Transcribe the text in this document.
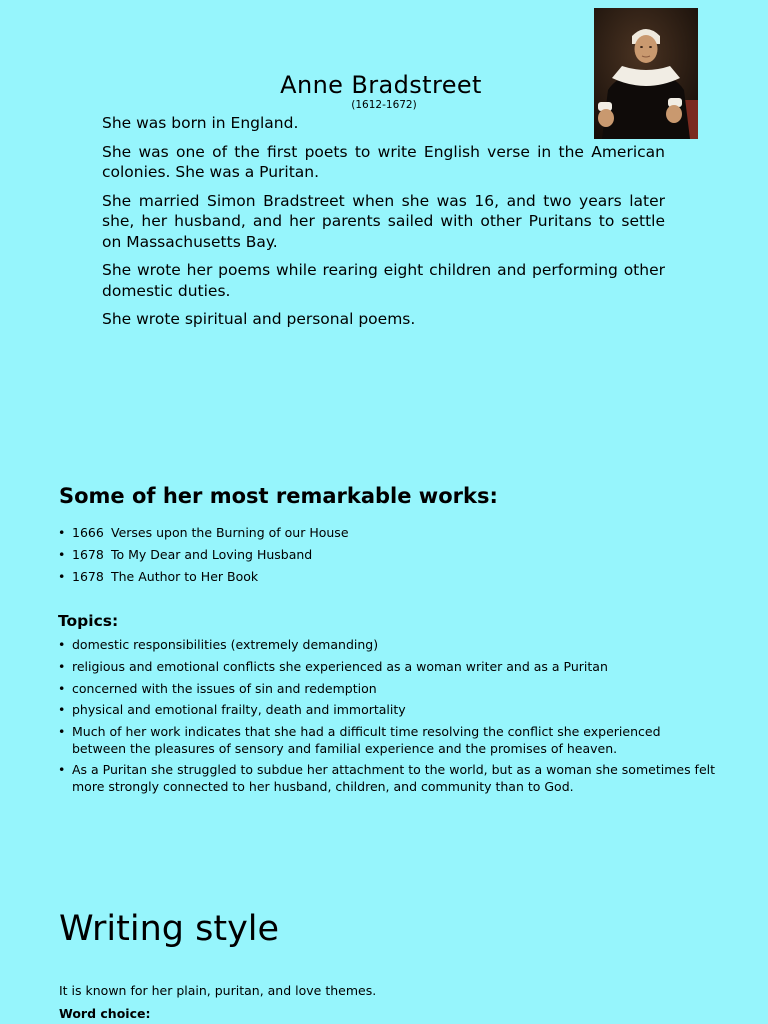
Anne Bradstreet
(1612-1672)

She was born in England.

She was one of the first poets to write English verse in the American colonies. She was a Puritan.

She married Simon Bradstreet when she was 16, and two years later she, her husband, and her parents sailed with other Puritans to settle on Massachusetts Bay.

She wrote her poems while rearing eight children and performing other domestic duties.

She wrote spiritual and personal poems.

Some of her most remarkable works:
• 1666 Verses upon the Burning of our House
• 1678 To My Dear and Loving Husband
• 1678 The Author to Her Book
Topics:
• domestic responsibilities (extremely demanding)
• religious and emotional conflicts she experienced as a woman writer and as a Puritan
• concerned with the issues of sin and redemption
• physical and emotional frailty, death and immortality
• Much of her work indicates that she had a difficult time resolving the conflict she experienced between the pleasures of sensory and familial experience and the promises of heaven.
• As a Puritan she struggled to subdue her attachment to the world, but as a woman she sometimes felt more strongly connected to her husband, children, and community than to God.
Writing style

It is known for her plain, puritan, and love themes.

Word choice:
